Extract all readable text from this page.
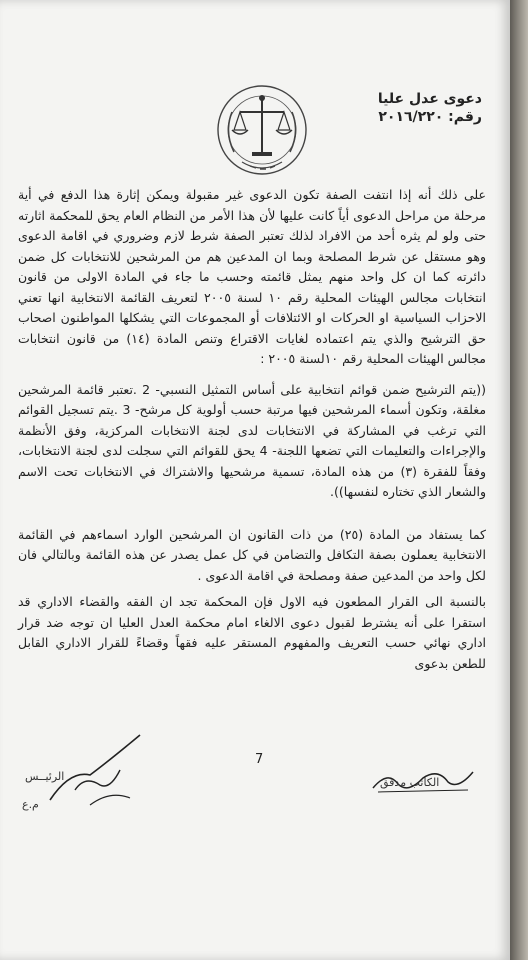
دعوى عدل عليا
رقم: ٢٠١٦/٢٢٠

على ذلك أنه إذا انتفت الصفة تكون الدعوى غير مقبولة ويمكن إثارة هذا الدفع في أية مرحلة من مراحل الدعوى أياً كانت عليها لأن هذا الأمر من النظام العام يحق للمحكمة اثارته حتى ولو لم يثره أحد من الافراد لذلك تعتبر الصفة شرط لازم وضروري في اقامة الدعوى وهو مستقل عن شرط المصلحة وبما ان المدعين هم من المرشحين للانتخابات كل ضمن دائرته كما ان كل واحد منهم يمثل قائمته وحسب ما جاء في المادة الاولى من قانون انتخابات مجالس الهيئات المحلية رقم ١٠ لسنة ٢٠٠٥ لتعريف القائمة الانتخابية انها تعني الاحزاب السياسية او الحركات او الائتلافات أو المجموعات التي يشكلها المواطنون اصحاب حق الترشيح والذي يتم اعتماده لغايات الاقتراع وتنص المادة (١٤) من قانون انتخابات مجالس الهيئات المحلية رقم ١٠لسنة ٢٠٠٥ :

((يتم الترشيح ضمن قوائم انتخابية على أساس التمثيل النسبي- 2 .تعتبر قائمة المرشحين مغلقة، وتكون أسماء المرشحين فيها مرتبة حسب أولوية كل مرشح- 3 .يتم تسجيل القوائم التي ترغب في المشاركة في الانتخابات لدى لجنة الانتخابات المركزية، وفق الأنظمة والإجراءات والتعليمات التي تضعها اللجنة- 4 يحق للقوائم التي سجلت لدى لجنة الانتخابات، وفقاً للفقرة (٣) من هذه المادة، تسمية مرشحيها والاشتراك في الانتخابات تحت الاسم والشعار الذي تختاره لنفسها)).

كما يستفاد من المادة (٢٥) من ذات القانون ان المرشحين الوارد اسماءهم في القائمة الانتخابية يعملون بصفة التكافل والتضامن في كل عمل يصدر عن هذه القائمة وبالتالي فان لكل واحد من المدعين صفة ومصلحة في اقامة الدعوى .

بالنسبة الى القرار المطعون فيه الاول فإن المحكمة تجد ان الفقه والقضاء الاداري قد استقرا على أنه يشترط لقبول دعوى الالغاء امام محكمة العدل العليا ان توجه ضد قرار اداري نهائي حسب التعريف والمفهوم المستقر عليه فقهاً وقضاءً للقرار الاداري القابل للطعن بدعوى

7
الرئيــس	الكاتب مدقق
م.ع
